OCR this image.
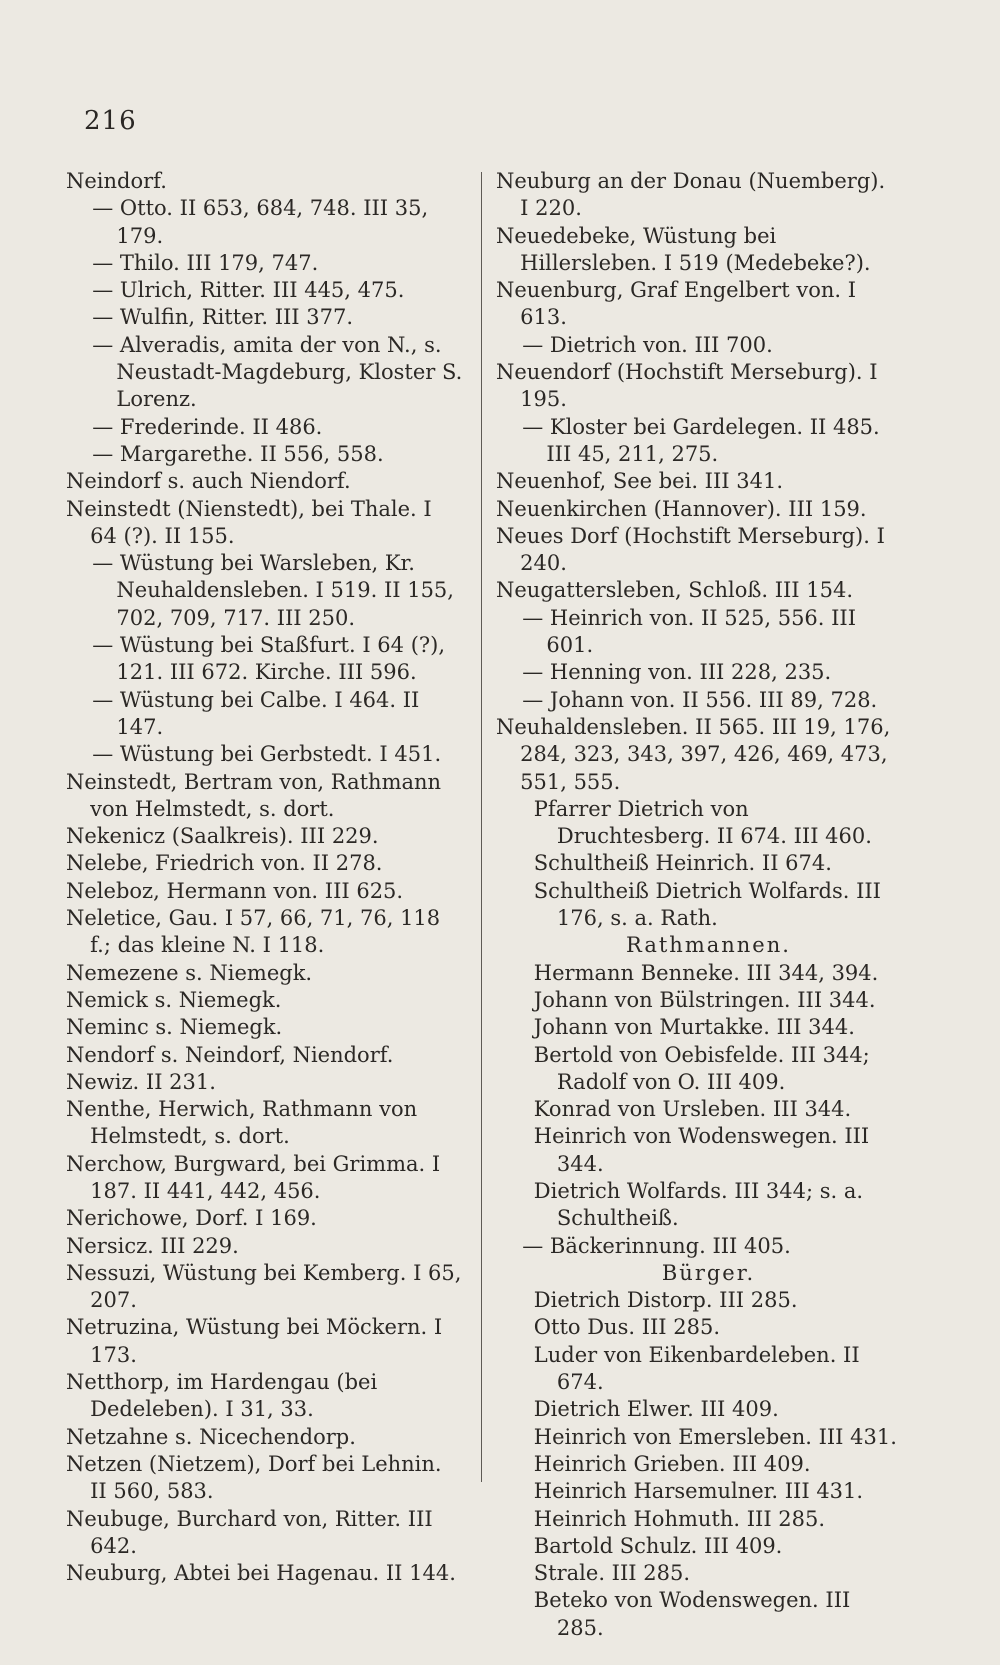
216
Neindorf.
— Otto. II 653, 684, 748. III 35, 179.
— Thilo. III 179, 747.
— Ulrich, Ritter. III 445, 475.
— Wulfin, Ritter. III 377.
— Alveradis, amita der von N., s. Neustadt-Magdeburg, Kloster S. Lorenz.
— Frederinde. II 486.
— Margarethe. II 556, 558.
Neindorf s. auch Niendorf.
Neinstedt (Nienstedt), bei Thale. I 64 (?). II 155.
— Wüstung bei Warsleben, Kr. Neuhaldensleben. I 519. II 155, 702, 709, 717. III 250.
— Wüstung bei Staßfurt. I 64 (?), 121. III 672. Kirche. III 596.
— Wüstung bei Calbe. I 464. II 147.
— Wüstung bei Gerbstedt. I 451.
Neinstedt, Bertram von, Rathmann von Helmstedt, s. dort.
Nekenicz (Saalkreis). III 229.
Nelebe, Friedrich von. II 278.
Neleboz, Hermann von. III 625.
Neletice, Gau. I 57, 66, 71, 76, 118 f.; das kleine N. I 118.
Nemezene s. Niemegk.
Nemick s. Niemegk.
Neminc s. Niemegk.
Nendorf s. Neindorf, Niendorf.
Newiz. II 231.
Nenthe, Herwich, Rathmann von Helmstedt, s. dort.
Nerchow, Burgward, bei Grimma. I 187. II 441, 442, 456.
Nerichowe, Dorf. I 169.
Nersicz. III 229.
Nessuzi, Wüstung bei Kemberg. I 65, 207.
Netruzina, Wüstung bei Möckern. I 173.
Netthorp, im Hardengau (bei Dedeleben). I 31, 33.
Netzahne s. Nicechendorp.
Netzen (Nietzem), Dorf bei Lehnin. II 560, 583.
Neubuge, Burchard von, Ritter. III 642.
Neuburg, Abtei bei Hagenau. II 144.
Neuburg an der Donau (Nuemberg). I 220.
Neuedebeke, Wüstung bei Hillersleben. I 519 (Medebeke?).
Neuenburg, Graf Engelbert von. I 613.
— Dietrich von. III 700.
Neuendorf (Hochstift Merseburg). I 195.
— Kloster bei Gardelegen. II 485. III 45, 211, 275.
Neuenhof, See bei. III 341.
Neuenkirchen (Hannover). III 159.
Neues Dorf (Hochstift Merseburg). I 240.
Neugattersleben, Schloß. III 154.
— Heinrich von. II 525, 556. III 601.
— Henning von. III 228, 235.
— Johann von. II 556. III 89, 728.
Neuhaldensleben. II 565. III 19, 176, 284, 323, 343, 397, 426, 469, 473, 551, 555.
Pfarrer Dietrich von Druchtesberg. II 674. III 460.
Schultheiß Heinrich. II 674.
Schultheiß Dietrich Wolfards. III 176, s. a. Rath.
Rathmannen.
Hermann Benneke. III 344, 394.
Johann von Bülstringen. III 344.
Johann von Murtakke. III 344.
Bertold von Oebisfelde. III 344; Radolf von O. III 409.
Konrad von Ursleben. III 344.
Heinrich von Wodenswegen. III 344.
Dietrich Wolfards. III 344; s. a. Schultheiß.
— Bäckerinnung. III 405.
Bürger.
Dietrich Distorp. III 285.
Otto Dus. III 285.
Luder von Eikenbardeleben. II 674.
Dietrich Elwer. III 409.
Heinrich von Emersleben. III 431.
Heinrich Grieben. III 409.
Heinrich Harsemulner. III 431.
Heinrich Hohmuth. III 285.
Bartold Schulz. III 409.
Strale. III 285.
Beteko von Wodenswegen. III 285.
